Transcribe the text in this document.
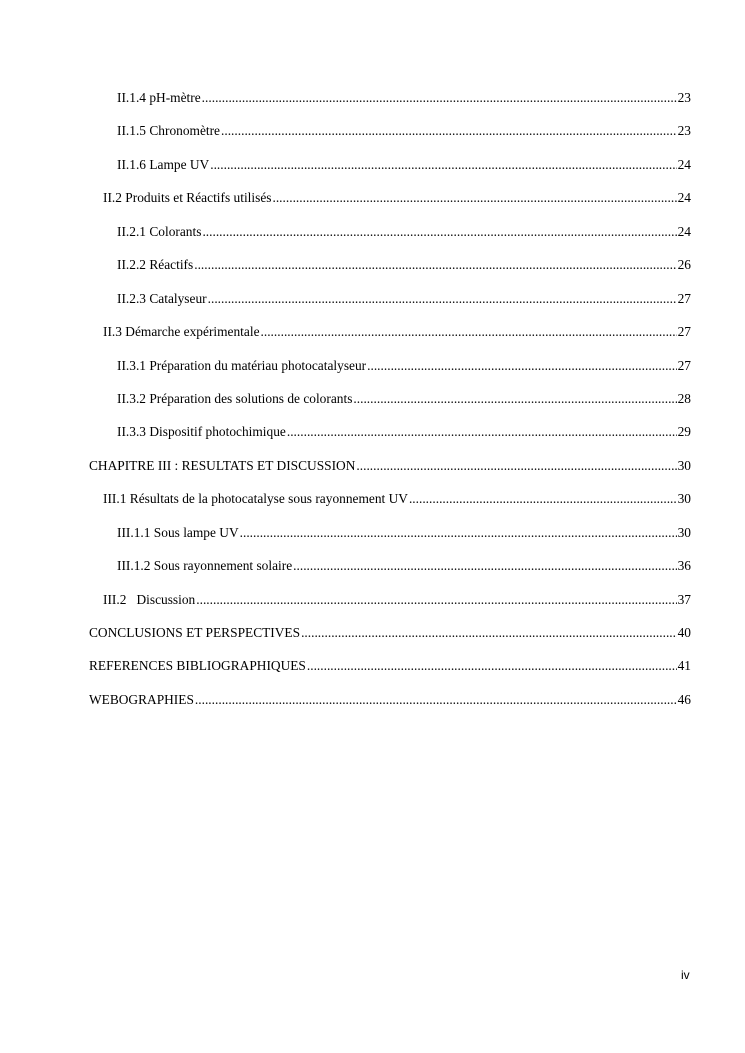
II.1.4 pH-mètre .....	23
II.1.5 Chronomètre .....	23
II.1.6 Lampe UV .....	24
II.2 Produits et Réactifs utilisés .....	24
II.2.1 Colorants .....	24
II.2.2 Réactifs .....	26
II.2.3 Catalyseur .....	27
II.3 Démarche expérimentale .....	27
II.3.1 Préparation du matériau photocatalyseur .....	27
II.3.2 Préparation des solutions de colorants .....	28
II.3.3 Dispositif photochimique .....	29
CHAPITRE III : RESULTATS ET DISCUSSION .....	30
III.1 Résultats de la photocatalyse sous rayonnement UV .....	30
III.1.1 Sous lampe UV .....	30
III.1.2 Sous rayonnement solaire .....	36
III.2   Discussion .....	37
CONCLUSIONS ET PERSPECTIVES .....	40
REFERENCES BIBLIOGRAPHIQUES .....	41
WEBOGRAPHIES .....	46
iv
